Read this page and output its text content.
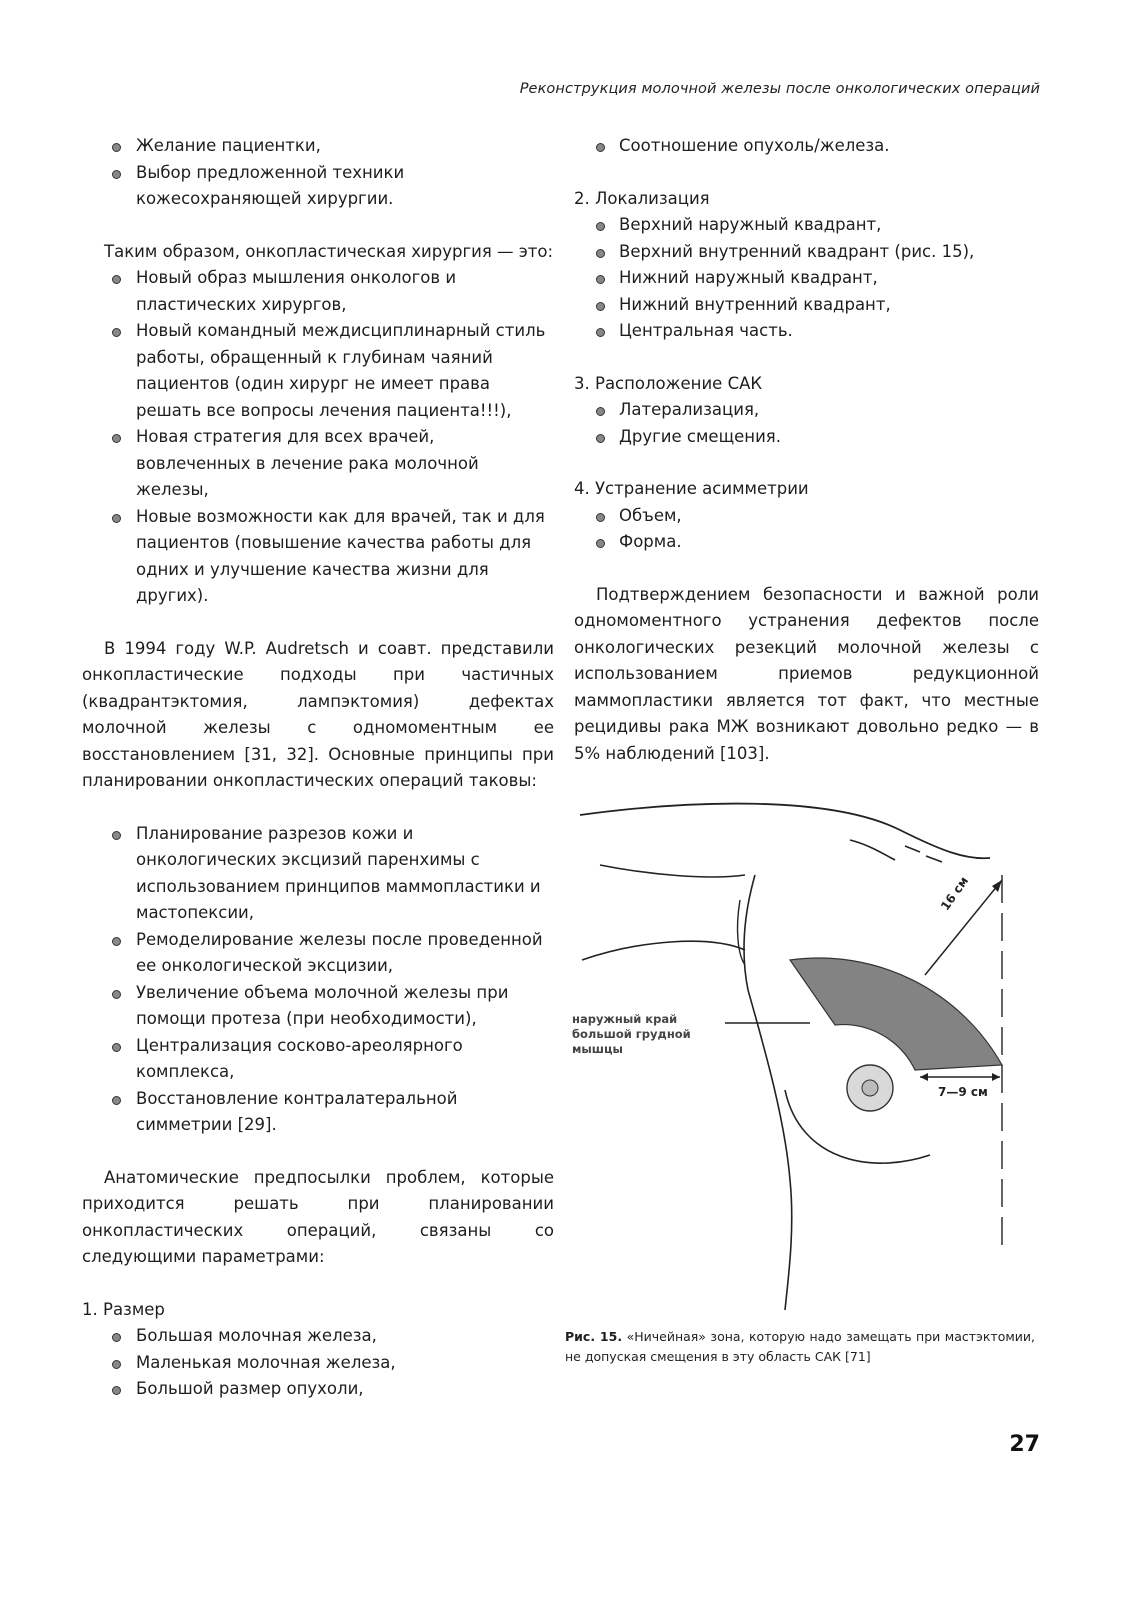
Реконструкция молочной железы после онкологических операций
Желание пациентки,
Выбор предложенной техники кожесохраняющей хирургии.

Таким образом, онкопластическая хирургия — это:

Новый образ мышления онкологов и пластических хирургов,
Новый командный междисциплинарный стиль работы, обращенный к глубинам чаяний пациентов (один хирург не имеет права решать все вопросы лечения пациента!!!),
Новая стратегия для всех врачей, вовлеченных в лечение рака молочной железы,
Новые возможности как для врачей, так и для пациентов (повышение качества работы для одних и улучшение качества жизни для других).

В 1994 году W.P. Audretsch и соавт. представили онкопластические подходы при частичных (квадрантэктомия, лампэктомия) дефектах молочной железы с одномоментным ее восстановлением [31, 32]. Основные принципы при планировании онкопластических операций таковы:

Планирование разрезов кожи и онкологических эксцизий паренхимы с использованием принципов маммопластики и мастопексии,
Ремоделирование железы после проведенной ее онкологической эксцизии,
Увеличение объема молочной железы при помощи протеза (при необходимости),
Централизация сосково-ареолярного комплекса,
Восстановление контралатеральной симметрии [29].

Анатомические предпосылки проблем, которые приходится решать при планировании онкопластических операций, связаны со следующими параметрами:

1. Размер
Большая молочная железа,
Маленькая молочная железа,
Большой размер опухоли,
Соотношение опухоль/железа.
2. Локализация
Верхний наружный квадрант,
Верхний внутренний квадрант (рис. 15),
Нижний наружный квадрант,
Нижний внутренний квадрант,
Центральная часть.
3. Расположение САК
Латерализация,
Другие смещения.
4. Устранение асимметрии
Объем,
Форма.

Подтверждением безопасности и важной роли одномоментного устранения дефектов после онкологических резекций молочной железы с использованием приемов редукционной маммопластики является тот факт, что местные рецидивы рака МЖ возникают довольно редко — в 5% наблюдений [103].

наружный край большой грудной мышцы
16 см
7—9 см
Рис. 15. «Ничейная» зона, которую надо замещать при мастэктомии, не допуская смещения в эту область САК [71]
27
